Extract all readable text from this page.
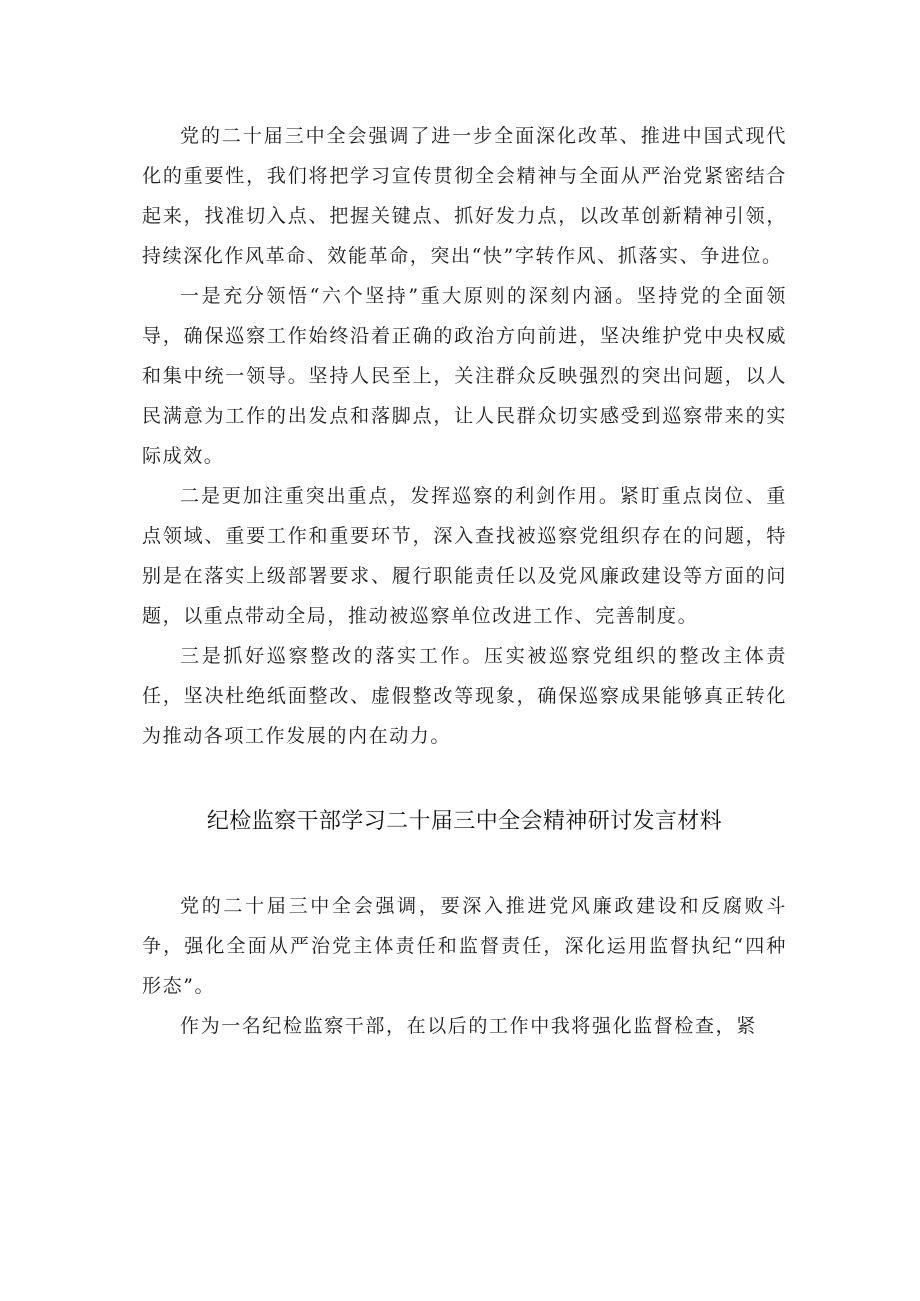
党的二十届三中全会强调了进一步全面深化改革、推进中国式现代化的重要性，我们将把学习宣传贯彻全会精神与全面从严治党紧密结合起来，找准切入点、把握关键点、抓好发力点，以改革创新精神引领，持续深化作风革命、效能革命，突出“快”字转作风、抓落实、争进位。

一是充分领悟“六个坚持”重大原则的深刻内涵。坚持党的全面领导，确保巡察工作始终沿着正确的政治方向前进，坚决维护党中央权威和集中统一领导。坚持人民至上，关注群众反映强烈的突出问题，以人民满意为工作的出发点和落脚点，让人民群众切实感受到巡察带来的实际成效。

二是更加注重突出重点，发挥巡察的利剑作用。紧盯重点岗位、重点领域、重要工作和重要环节，深入查找被巡察党组织存在的问题，特别是在落实上级部署要求、履行职能责任以及党风廉政建设等方面的问题，以重点带动全局，推动被巡察单位改进工作、完善制度。

三是抓好巡察整改的落实工作。压实被巡察党组织的整改主体责任，坚决杜绝纸面整改、虚假整改等现象，确保巡察成果能够真正转化为推动各项工作发展的内在动力。

纪检监察干部学习二十届三中全会精神研讨发言材料

党的二十届三中全会强调，要深入推进党风廉政建设和反腐败斗争，强化全面从严治党主体责任和监督责任，深化运用监督执纪“四种形态”。

作为一名纪检监察干部，在以后的工作中我将强化监督检查，紧
